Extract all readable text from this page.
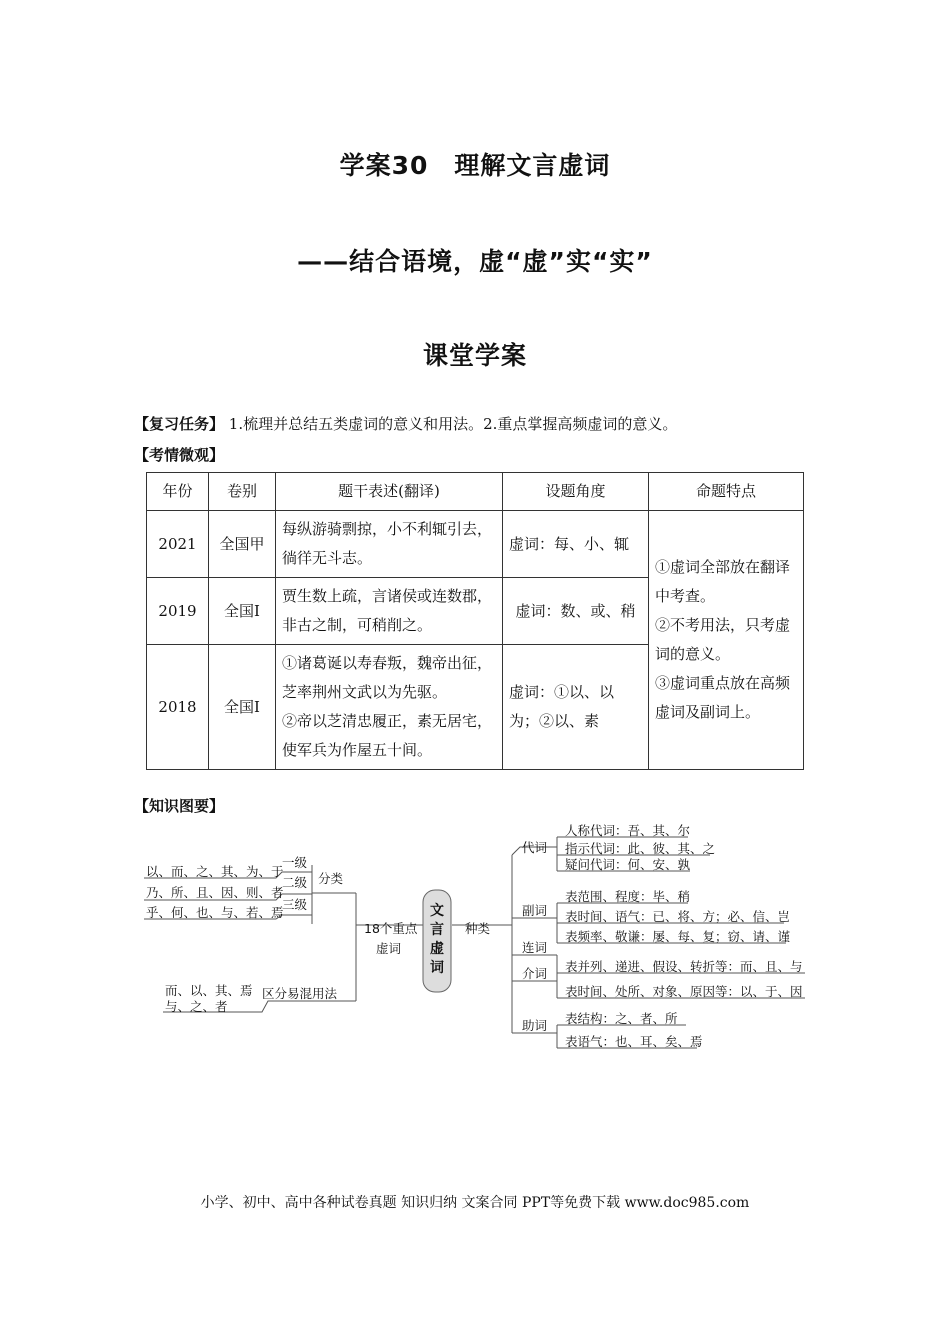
学案30　理解文言虚词
——结合语境，虚“虚”实“实”
课堂学案
【复习任务】 1.梳理并总结五类虚词的意义和用法。2.重点掌握高频虚词的意义。
【考情微观】
年份	卷别	题干表述(翻译)	设题角度	命题特点
2021	全国甲	每纵游骑剽掠，小不利辄引去，徜徉无斗志。	虚词：每、小、辄	①虚词全部放在翻译中考查。
②不考用法，只考虚词的意义。
③虚词重点放在高频虚词及副词上。

2019	全国Ⅰ	贾生数上疏，言诸侯或连数郡，非古之制，可稍削之。	虚词：数、或、稍	
2018	全国Ⅰ	①诸葛诞以寿春叛，魏帝出征，芝率荆州文武以为先驱。
②帝以芝清忠履正，素无居宅，使军兵为作屋五十间。	虚词：①以、以为；②以、素	
【知识图要】
文
言
虚
词
18个重点
虚词
种类
分类
一级
二级
三级
以、而、之、其、为、于
乃、所、且、因、则、者
乎、何、也、与、若、焉
而、以、其、焉
与、之、者
区分易混用法
代词
副词
连词
介词
助词
人称代词：吾、其、尔
指示代词：此、彼、其、之
疑问代词：何、安、孰
表范围、程度：毕、稍
表时间、语气：已、将、方；必、信、岂
表频率、敬谦：屡、每、复；窃、请、谨
表并列、递进、假设、转折等：而、且、与
表时间、处所、对象、原因等：以、于、因
表结构：之、者、所
表语气：也、耳、矣、焉
小学、初中、高中各种试卷真题 知识归纳 文案合同 PPT等免费下载 www.doc985.com
